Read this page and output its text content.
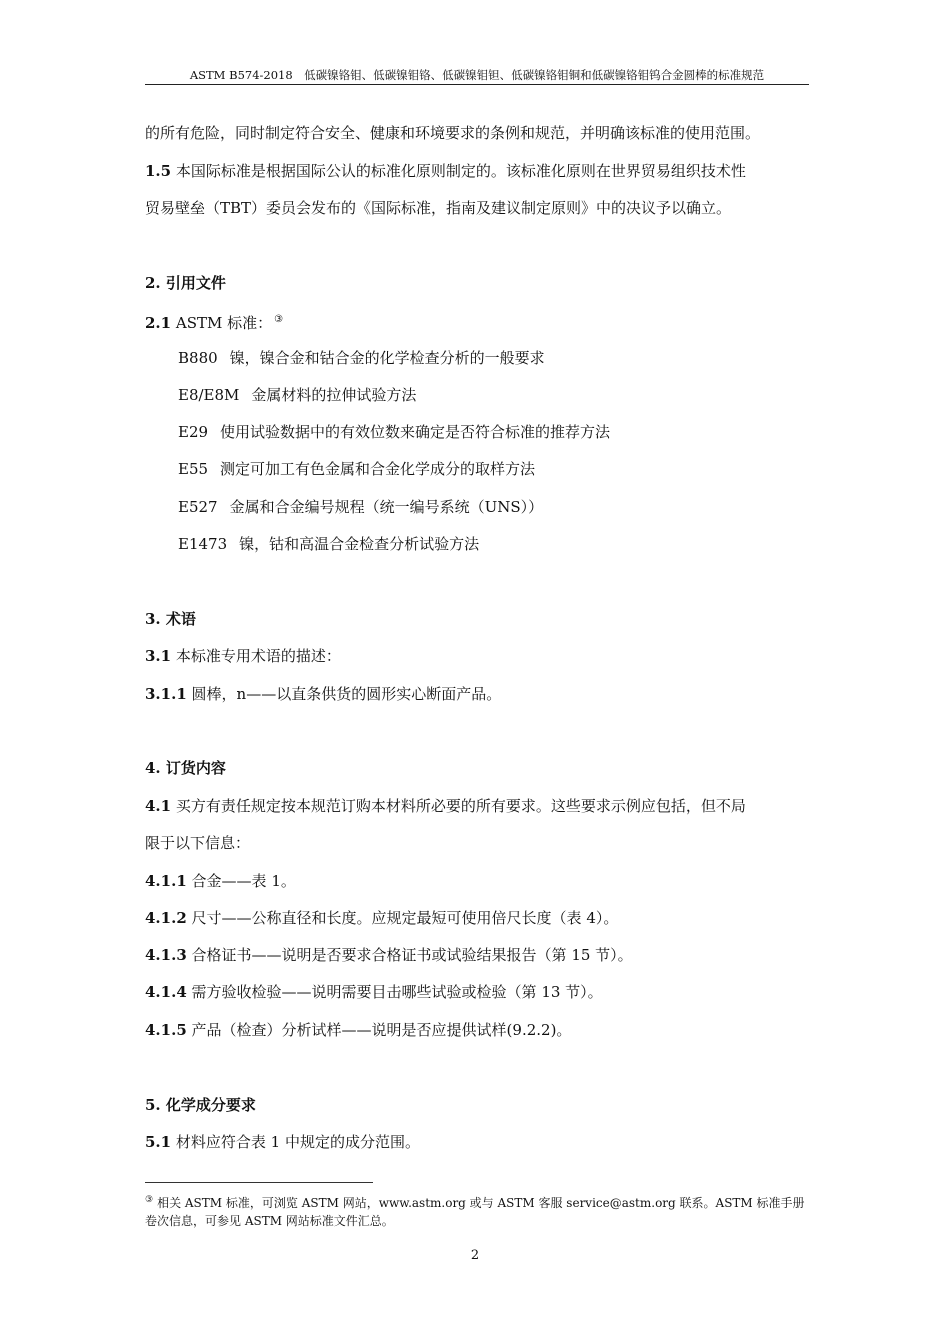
ASTM B574-2018　低碳镍铬钼、低碳镍钼铬、低碳镍钼钽、低碳镍铬钼铜和低碳镍铬钼钨合金圆棒的标准规范
的所有危险，同时制定符合安全、健康和环境要求的条例和规范，并明确该标准的使用范围。
1.5 本国际标准是根据国际公认的标准化原则制定的。该标准化原则在世界贸易组织技术性
贸易壁垒（TBT）委员会发布的《国际标准，指南及建议制定原则》中的决议予以确立。
2. 引用文件
2.1 ASTM 标准： ③
B880 镍，镍合金和钴合金的化学检查分析的一般要求
E8/E8M 金属材料的拉伸试验方法
E29 使用试验数据中的有效位数来确定是否符合标准的推荐方法
E55 测定可加工有色金属和合金化学成分的取样方法
E527 金属和合金编号规程（统一编号系统（UNS））
E1473 镍，钴和高温合金检查分析试验方法
3. 术语
3.1 本标准专用术语的描述：
3.1.1 圆棒，n——以直条供货的圆形实心断面产品。
4. 订货内容
4.1 买方有责任规定按本规范订购本材料所必要的所有要求。这些要求示例应包括，但不局
限于以下信息：
4.1.1 合金——表 1。
4.1.2 尺寸——公称直径和长度。应规定最短可使用倍尺长度（表 4）。
4.1.3 合格证书——说明是否要求合格证书或试验结果报告（第 15 节）。
4.1.4 需方验收检验——说明需要目击哪些试验或检验（第 13 节）。
4.1.5 产品（检查）分析试样——说明是否应提供试样(9.2.2)。
5. 化学成分要求
5.1 材料应符合表 1 中规定的成分范围。
③ 相关 ASTM 标准，可浏览 ASTM 网站，www.astm.org 或与 ASTM 客服 service@astm.org 联系。ASTM 标准手册卷次信息，可参见 ASTM 网站标准文件汇总。
2
